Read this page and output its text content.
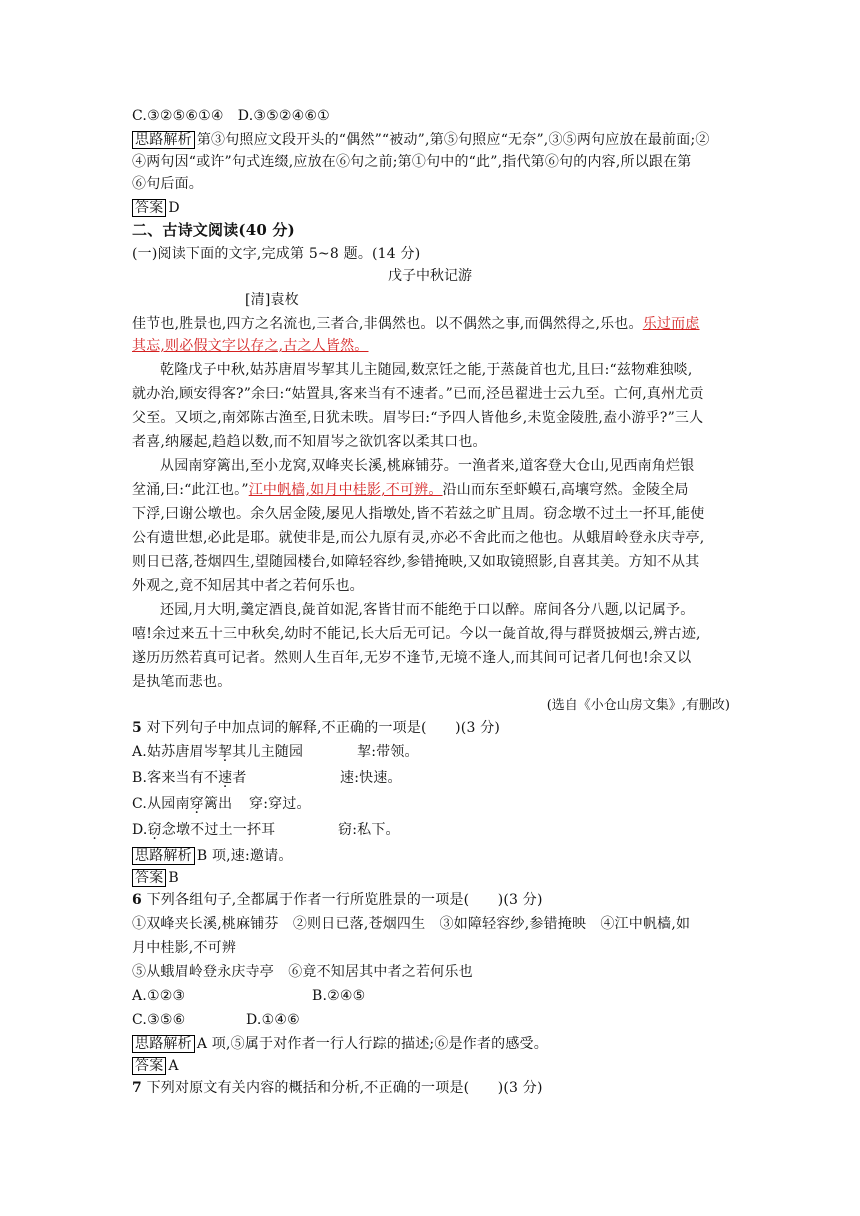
C.③②⑤⑥①④　D.③⑤②④⑥①
思路解析 第③句照应文段开头的“偶然”“被动”,第⑤句照应“无奈”,③⑤两句应放在最前面;②
④两句因“或许”句式连缀,应放在⑥句之前;第①句中的“此”,指代第⑥句的内容,所以跟在第
⑥句后面。
答案 D
二、古诗文阅读(40 分)
(一)阅读下面的文字,完成第 5~8 题。(14 分)
戊子中秋记游
[清]袁枚
佳节也,胜景也,四方之名流也,三者合,非偶然也。以不偶然之事,而偶然得之,乐也。乐过而虑
其忘,则必假文字以存之,古之人皆然。
乾隆戊子中秋,姑苏唐眉岑挈其儿主随园,数烹饪之能,于蒸彘首也尤,且曰:“兹物难独啖,
就办治,顾安得客?”余曰:“姑置具,客来当有不速者。”已而,泾邑翟进士云九至。亡何,真州尤贡
父至。又顷之,南郊陈古渔至,日犹未昳。眉岑曰:“予四人皆他乡,未览金陵胜,盍小游乎?”三人
者喜,纳屦起,趋趋以数,而不知眉岑之欲饥客以柔其口也。
从园南穿篱出,至小龙窝,双峰夹长溪,桃麻铺芬。一渔者来,道客登大仓山,见西南角烂银
坌涌,曰:“此江也。”江中帆樯,如月中桂影,不可辨。沿山而东至虾蟆石,高壤穹然。金陵全局
下浮,曰谢公墩也。余久居金陵,屡见人指墩处,皆不若兹之旷且周。窃念墩不过土一抔耳,能使
公有遗世想,必此是耶。就使非是,而公九原有灵,亦必不舍此而之他也。从蛾眉岭登永庆寺亭,
则日已落,苍烟四生,望随园楼台,如障轻容纱,参错掩映,又如取镜照影,自喜其美。方知不从其
外观之,竟不知居其中者之若何乐也。
还园,月大明,羹定酒良,彘首如泥,客皆甘而不能绝于口以醉。席间各分八题,以记属予。
嘻!余过来五十三中秋矣,幼时不能记,长大后无可记。今以一彘首故,得与群贤披烟云,辨古迹,
遂历历然若真可记者。然则人生百年,无岁不逢节,无境不逢人,而其间可记者几何也!余又以
是执笔而悲也。
(选自《小仓山房文集》,有删改)
5 对下列句子中加点词的解释,不正确的一项是(　　)(3 分)
A.姑苏唐眉岑挈其儿主随园	挈:带领。
B.客来当有不速者	速:快速。
C.从园南穿篱出 穿:穿过。
D.窃念墩不过土一抔耳	窃:私下。
思路解析 B 项,速:邀请。
答案 B
6 下列各组句子,全都属于作者一行所览胜景的一项是(　　)(3 分)
①双峰夹长溪,桃麻铺芬　②则日已落,苍烟四生　③如障轻容纱,参错掩映　④江中帆樯,如
月中桂影,不可辨
⑤从蛾眉岭登永庆寺亭　⑥竟不知居其中者之若何乐也
A.①②③	B.②④⑤
C.③⑤⑥	D.①④⑥
思路解析 A 项,⑤属于对作者一行人行踪的描述;⑥是作者的感受。
答案 A
7 下列对原文有关内容的概括和分析,不正确的一项是(　　)(3 分)
